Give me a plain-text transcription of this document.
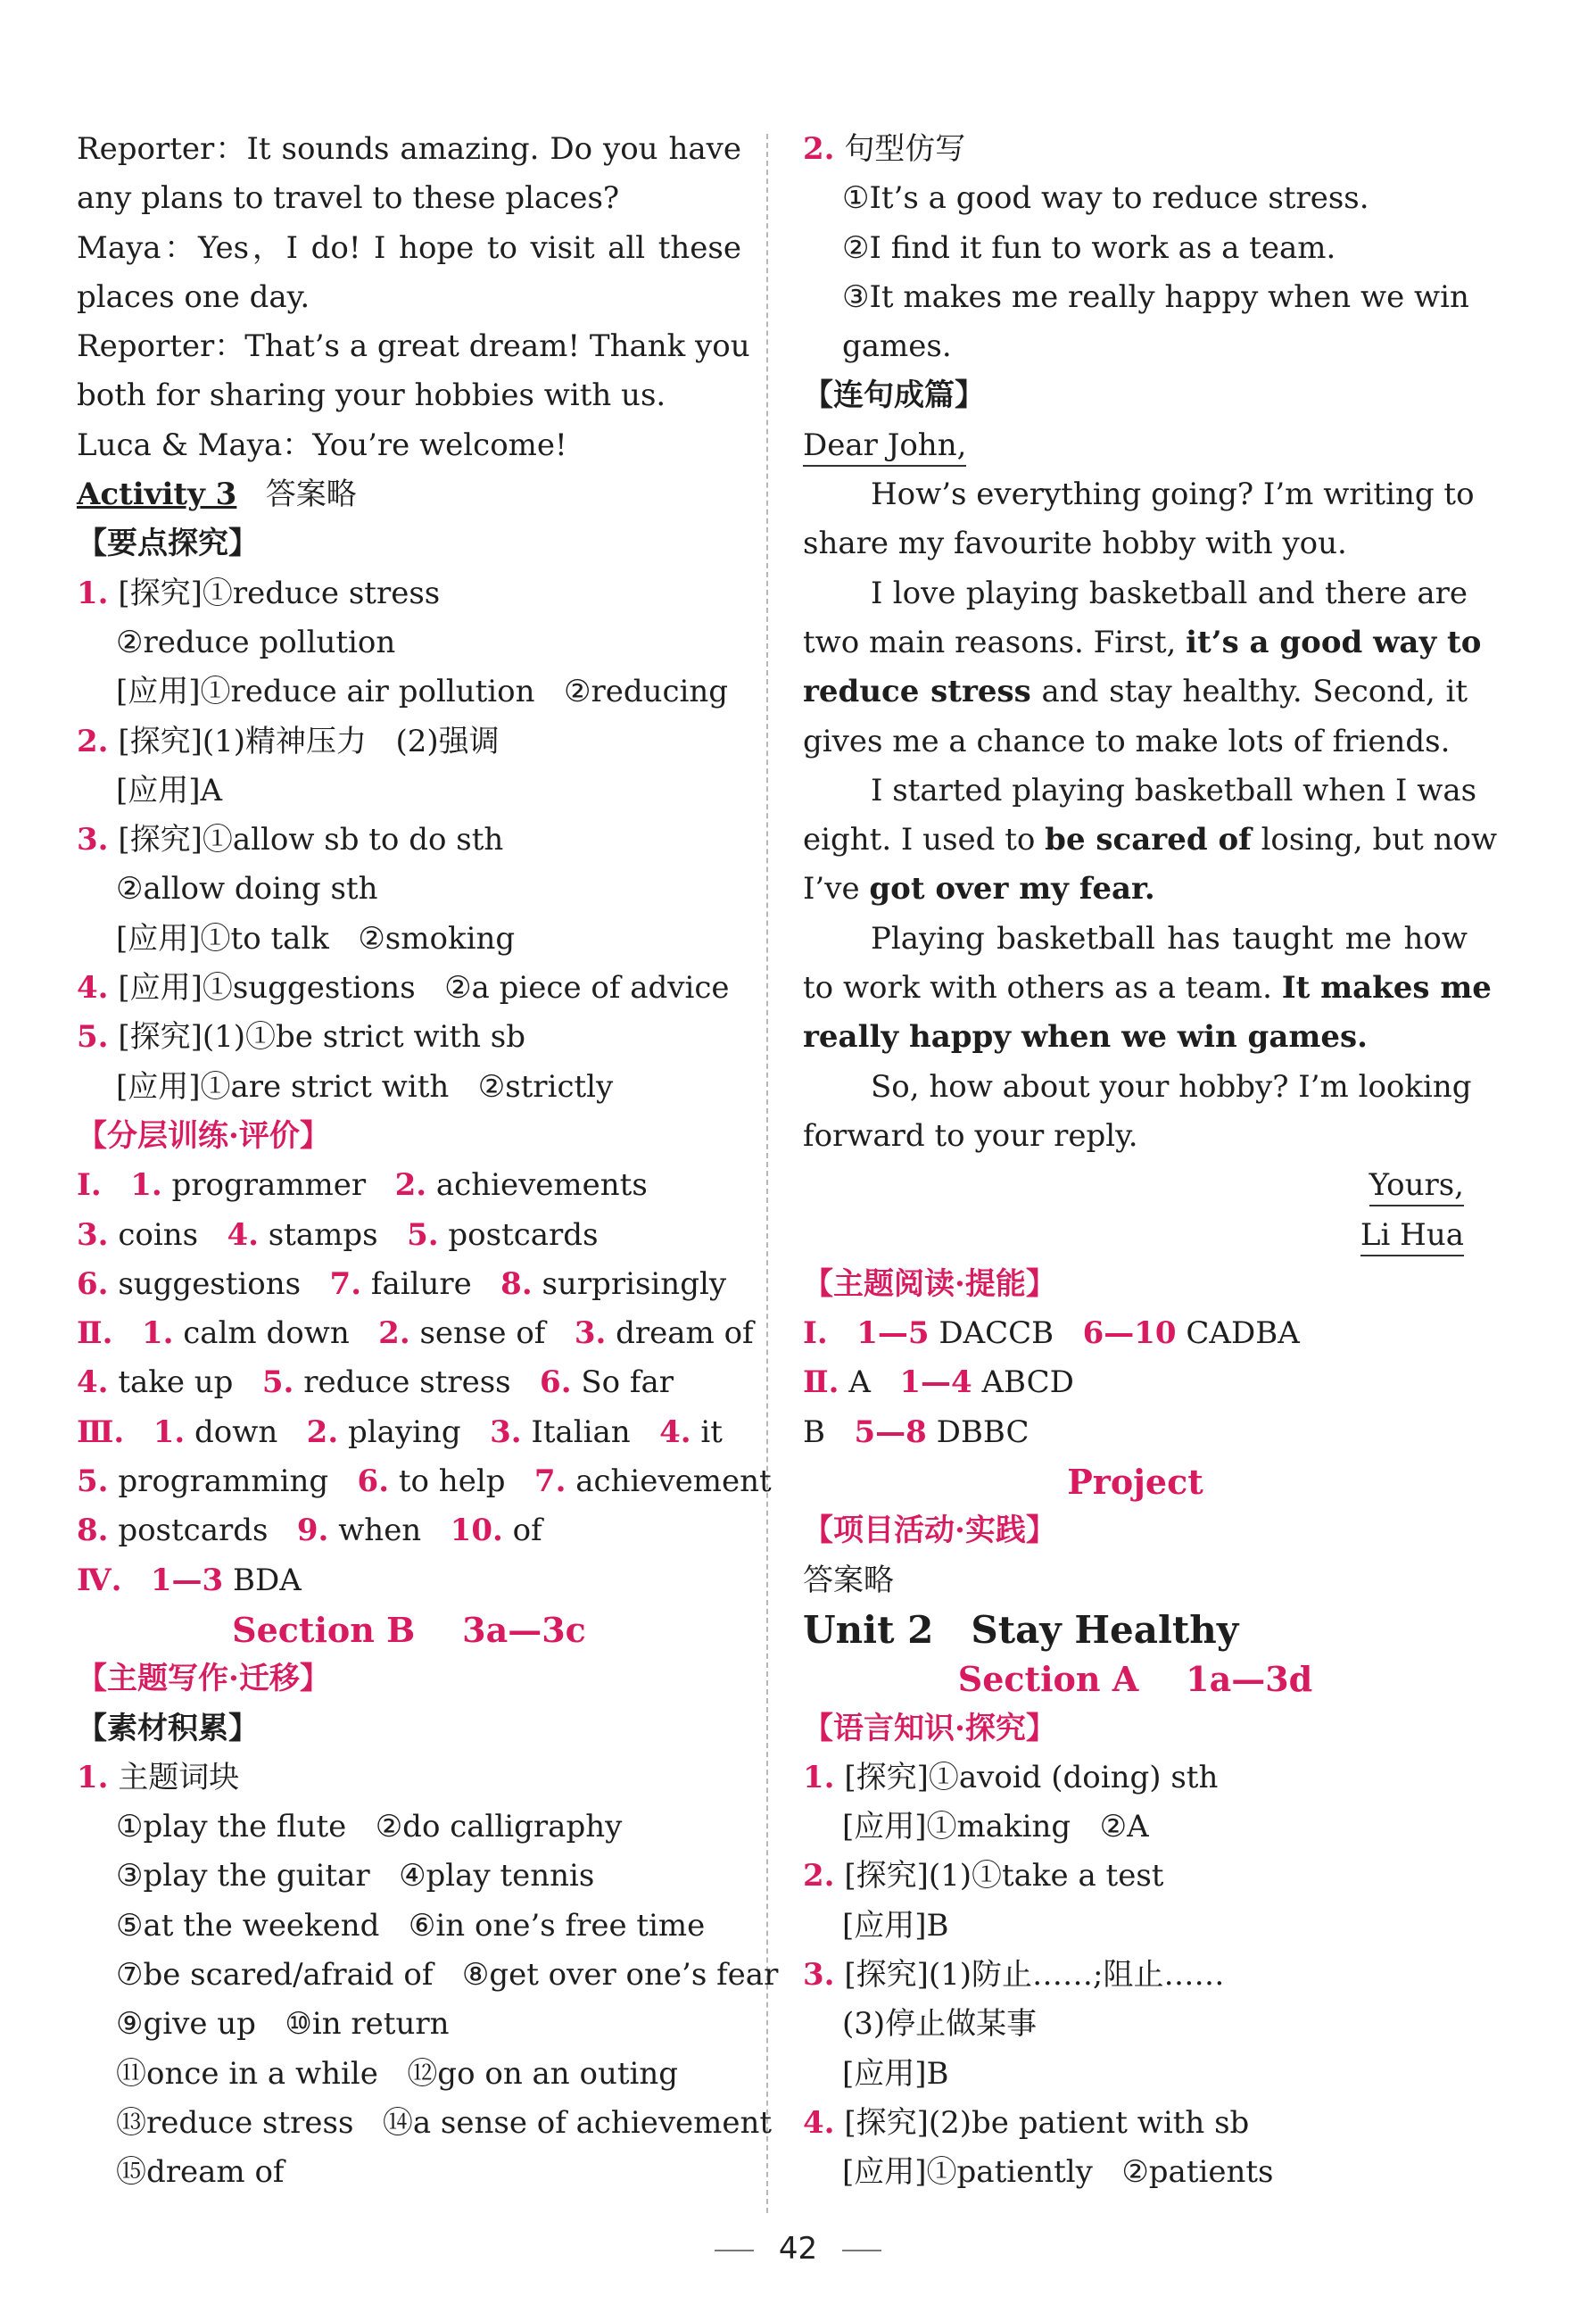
Reporter：It sounds amazing. Do you have
any plans to travel to these places?
Maya：Yes，I do! I hope to visit all these
places one day.
Reporter：That’s a great dream! Thank you
both for sharing your hobbies with us.
Luca & Maya：You’re welcome!
Activity 3 答案略
【要点探究】
1. [探究]①reduce stress
②reduce pollution
[应用]①reduce air pollution ②reducing
2. [探究](1)精神压力 (2)强调
[应用]A
3. [探究]①allow sb to do sth
②allow doing sth
[应用]①to talk ②smoking
4. [应用]①suggestions ②a piece of advice
5. [探究](1)①be strict with sb
[应用]①are strict with ②strictly
【分层训练·评价】
Ⅰ. 1. programmer 2. achievements
3. coins 4. stamps 5. postcards
6. suggestions 7. failure 8. surprisingly
Ⅱ. 1. calm down 2. sense of 3. dream of
4. take up 5. reduce stress 6. So far
Ⅲ. 1. down 2. playing 3. Italian 4. it
5. programming 6. to help 7. achievement
8. postcards 9. when 10. of
Ⅳ. 1—3 BDA
Section B 3a—3c
【主题写作·迁移】
【素材积累】
1. 主题词块
①play the flute ②do calligraphy
③play the guitar ④play tennis
⑤at the weekend ⑥in one’s free time
⑦be scared/afraid of ⑧get over one’s fear
⑨give up ⑩in return
⑪once in a while ⑫go on an outing
⑬reduce stress ⑭a sense of achievement
⑮dream of
2. 句型仿写
①It’s a good way to reduce stress.
②I find it fun to work as a team.
③It makes me really happy when we win
games.
【连句成篇】
Dear John,
How’s everything going? I’m writing to
share my favourite hobby with you.
I love playing basketball and there are
two main reasons. First, it’s a good way to
reduce stress and stay healthy. Second, it
gives me a chance to make lots of friends.
I started playing basketball when I was
eight. I used to be scared of losing, but now
I’ve got over my fear.
Playing basketball has taught me how
to work with others as a team. It makes me
really happy when we win games.
So, how about your hobby? I’m looking
forward to your reply.
Yours,
Li Hua
【主题阅读·提能】
Ⅰ. 1—5 DACCB 6—10 CADBA
Ⅱ. A 1—4 ABCD
B 5—8 DBBC
Project
【项目活动·实践】
答案略
Unit 2　Stay Healthy
Section A 1a—3d
【语言知识·探究】
1. [探究]①avoid (doing) sth
[应用]①making ②A
2. [探究](1)①take a test
[应用]B
3. [探究](1)防止……;阻止……
(3)停止做某事
[应用]B
4. [探究](2)be patient with sb
[应用]①patiently ②patients
42
